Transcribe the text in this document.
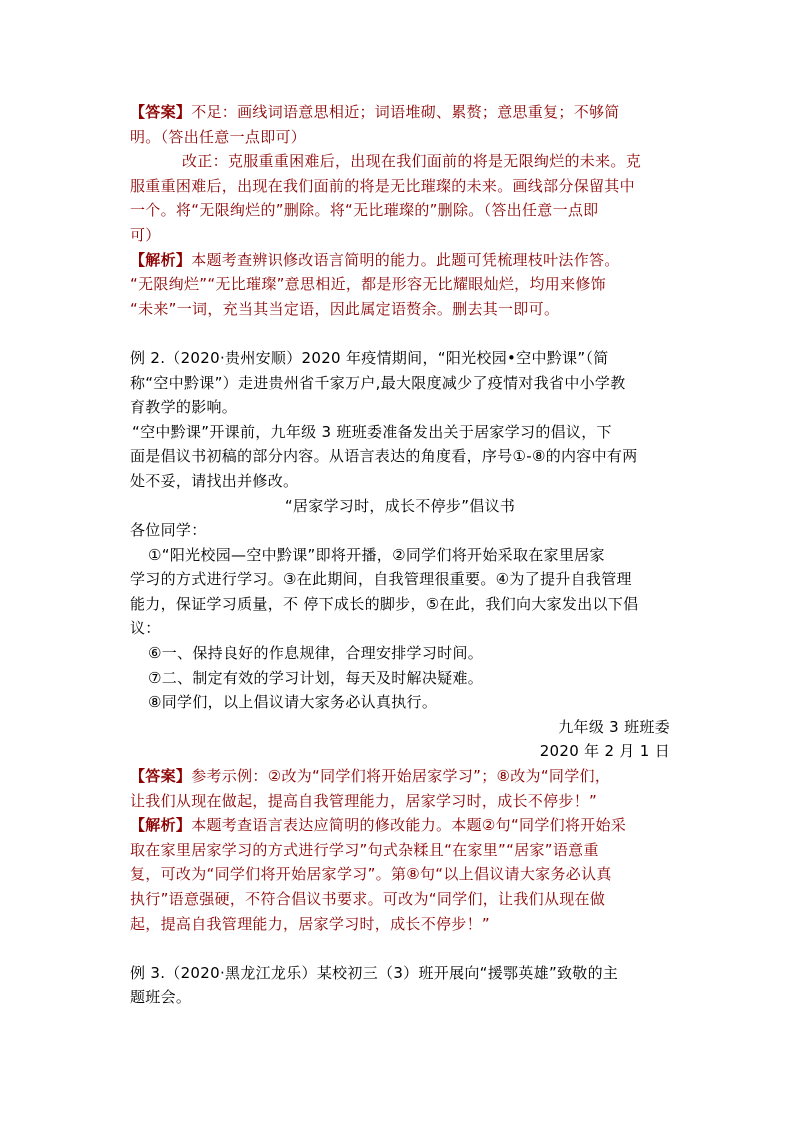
【答案】不足：画线词语意思相近；词语堆砌、累赘；意思重复；不够简
明。（答出任意一点即可）
改正：克服重重困难后，出现在我们面前的将是无限绚烂的未来。克
服重重困难后，出现在我们面前的将是无比璀璨的未来。画线部分保留其中
一个。将“无限绚烂的”删除。将“无比璀璨的”删除。（答出任意一点即
可）
【解析】本题考查辨识修改语言简明的能力。此题可凭梳理枝叶法作答。
“无限绚烂”“无比璀璨”意思相近，都是形容无比耀眼灿烂，均用来修饰
“未来”一词，充当其当定语，因此属定语赘余。删去其一即可。
例 2.（2020·贵州安顺）2020 年疫情期间，“阳光校园•空中黔课”（简
称“空中黔课”）走进贵州省千家万户,最大限度减少了疫情对我省中小学教
育教学的影响。
“空中黔课”开课前，九年级 3 班班委准备发出关于居家学习的倡议，下
面是倡议书初稿的部分内容。从语言表达的角度看，序号①-⑧的内容中有两
处不妥，请找出并修改。
“居家学习时，成长不停步”倡议书
各位同学：
①“阳光校园—空中黔课”即将开播，②同学们将开始采取在家里居家
学习的方式进行学习。③在此期间，自我管理很重要。④为了提升自我管理
能力，保证学习质量，不 停下成长的脚步，⑤在此，我们向大家发出以下倡
议：
⑥一、保持良好的作息规律，合理安排学习时间。
⑦二、制定有效的学习计划，每天及时解决疑难。
⑧同学们，以上倡议请大家务必认真执行。
九年级 3 班班委
2020 年 2 月 1 日
【答案】参考示例：②改为“同学们将开始居家学习”；⑧改为“同学们，
让我们从现在做起，提高自我管理能力，居家学习时，成长不停步！”
【解析】本题考查语言表达应简明的修改能力。本题②句“同学们将开始采
取在家里居家学习的方式进行学习”句式杂糅且“在家里”“居家”语意重
复，可改为“同学们将开始居家学习”。第⑧句“以上倡议请大家务必认真
执行”语意强硬，不符合倡议书要求。可改为“同学们，让我们从现在做
起，提高自我管理能力，居家学习时，成长不停步！”
例 3.（2020·黑龙江龙乐）某校初三（3）班开展向“援鄂英雄”致敬的主
题班会。
